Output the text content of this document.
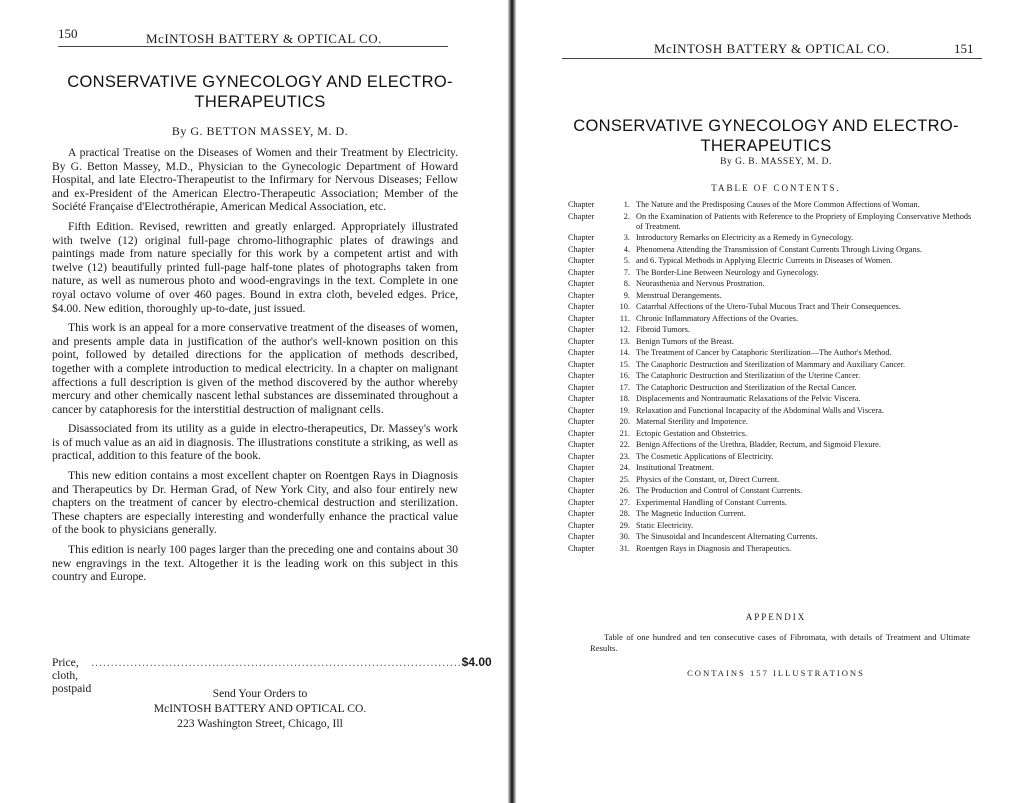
150	McINTOSH BATTERY & OPTICAL CO.
CONSERVATIVE GYNECOLOGY AND ELECTRO-
THERAPEUTICS
By G. BETTON MASSEY, M. D.

A practical Treatise on the Diseases of Women and their Treatment by Electricity. By G. Betton Massey, M.D., Physician to the Gynecologic Department of Howard Hospital, and late Electro-Therapeutist to the Infirmary for Nervous Diseases; Fellow and ex-President of the American Electro-Therapeutic Association; Member of the Société Française d'Electrothérapie, American Medical Association, etc.

Fifth Edition. Revised, rewritten and greatly enlarged. Appropriately illustrated with twelve (12) original full-page chromo-lithographic plates of drawings and paintings made from nature specially for this work by a competent artist and with twelve (12) beautifully printed full-page half-tone plates of photographs taken from nature, as well as numerous photo and wood-engravings in the text. Complete in one royal octavo volume of over 460 pages. Bound in extra cloth, beveled edges. Price, $4.00. New edition, thoroughly up-to-date, just issued.

This work is an appeal for a more conservative treatment of the diseases of women, and presents ample data in justification of the author's well-known position on this point, followed by detailed directions for the application of methods described, together with a complete introduction to medical electricity. In a chapter on malignant affections a full description is given of the method discovered by the author whereby mercury and other chemically nascent lethal substances are disseminated throughout a cancer by cataphoresis for the interstitial destruction of malignant cells.

Disassociated from its utility as a guide in electro-therapeutics, Dr. Massey's work is of much value as an aid in diagnosis. The illustrations constitute a striking, as well as practical, addition to this feature of the book.

This new edition contains a most excellent chapter on Roentgen Rays in Diagnosis and Therapeutics by Dr. Herman Grad, of New York City, and also four entirely new chapters on the treatment of cancer by electro-chemical destruction and sterilization. These chapters are especially interesting and wonderfully enhance the practical value of the book to physicians generally.

This edition is nearly 100 pages larger than the preceding one and contains about 30 new engravings in the text. Altogether it is the leading work on this subject in this country and Europe.

Price, cloth, postpaid
............................................................................................... $4.00
Send Your Orders to
McINTOSH BATTERY AND OPTICAL CO.
223 Washington Street, Chicago, Ill
McINTOSH BATTERY & OPTICAL CO.	151
CONSERVATIVE GYNECOLOGY AND ELECTRO-
THERAPEUTICS
By G. B. MASSEY, M. D.
TABLE OF CONTENTS.
Chapter	1. The Nature and the Predisposing Causes of the More Common Affections of Woman.
Chapter	2. On the Examination of Patients with Reference to the Propriety of Employing Conservative Methods of Treatment.
Chapter	3. Introductory Remarks on Electricity as a Remedy in Gynecology.
Chapter	4. Phenomena Attending the Transmission of Constant Currents Through Living Organs.
Chapter	5. and 6. Typical Methods in Applying Electric Currents in Diseases of Women.
Chapter	7. The Border-Line Between Neurology and Gynecology.
Chapter	8. Neurasthenia and Nervous Prostration.
Chapter	9. Menstrual Derangements.
Chapter	10. Catarrhal Affections of the Utero-Tubal Mucous Tract and Their Consequences.
Chapter	11. Chronic Inflammatory Affections of the Ovaries.
Chapter	12. Fibroid Tumors.
Chapter	13. Benign Tumors of the Breast.
Chapter	14. The Treatment of Cancer by Cataphoric Sterilization—The Author's Method.
Chapter	15. The Cataphoric Destruction and Sterilization of Mammary and Auxiliary Cancer.
Chapter	16. The Cataphoric Destruction and Sterilization of the Uterine Cancer.
Chapter	17. The Cataphoric Destruction and Sterilization of the Rectal Cancer.
Chapter	18. Displacements and Nontraumatic Relaxations of the Pelvic Viscera.
Chapter	19. Relaxation and Functional Incapacity of the Abdominal Walls and Viscera.
Chapter	20. Maternal Sterility and Impotence.
Chapter	21. Ectopic Gestation and Obstetrics.
Chapter	22. Benign Affections of the Urethra, Bladder, Rectum, and Sigmoid Flexure.
Chapter	23. The Cosmetic Applications of Electricity.
Chapter	24. Institutional Treatment.
Chapter	25. Physics of the Constant, or, Direct Current.
Chapter	26. The Production and Control of Constant Currents.
Chapter	27. Experimental Handling of Constant Currents.
Chapter	28. The Magnetic Induction Current.
Chapter	29. Static Electricity.
Chapter	30. The Sinusoidal and Incandescent Alternating Currents.
Chapter	31. Roentgen Rays in Diagnosis and Therapeutics.
APPENDIX
Table of one hundred and ten consecutive cases of Fibromata, with details of Treatment and Ultimate Results.
CONTAINS 157 ILLUSTRATIONS
